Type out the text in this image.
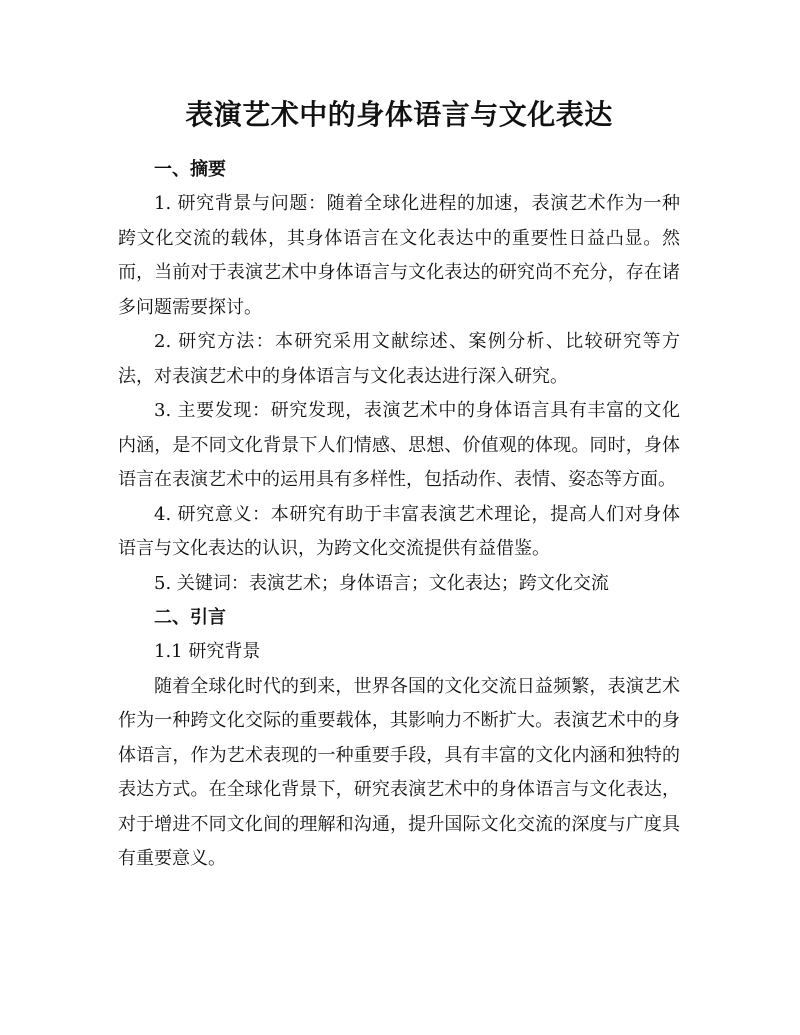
表演艺术中的身体语言与文化表达
一、摘要

1. 研究背景与问题：随着全球化进程的加速，表演艺术作为一种跨文化交流的载体，其身体语言在文化表达中的重要性日益凸显。然而，当前对于表演艺术中身体语言与文化表达的研究尚不充分，存在诸多问题需要探讨。

2. 研究方法：本研究采用文献综述、案例分析、比较研究等方法，对表演艺术中的身体语言与文化表达进行深入研究。

3. 主要发现：研究发现，表演艺术中的身体语言具有丰富的文化内涵，是不同文化背景下人们情感、思想、价值观的体现。同时，身体语言在表演艺术中的运用具有多样性，包括动作、表情、姿态等方面。

4. 研究意义：本研究有助于丰富表演艺术理论，提高人们对身体语言与文化表达的认识，为跨文化交流提供有益借鉴。

5. 关键词：表演艺术；身体语言；文化表达；跨文化交流

二、引言

1.1 研究背景

随着全球化时代的到来，世界各国的文化交流日益频繁，表演艺术作为一种跨文化交际的重要载体，其影响力不断扩大。表演艺术中的身体语言，作为艺术表现的一种重要手段，具有丰富的文化内涵和独特的表达方式。在全球化背景下，研究表演艺术中的身体语言与文化表达，对于增进不同文化间的理解和沟通，提升国际文化交流的深度与广度具有重要意义。
